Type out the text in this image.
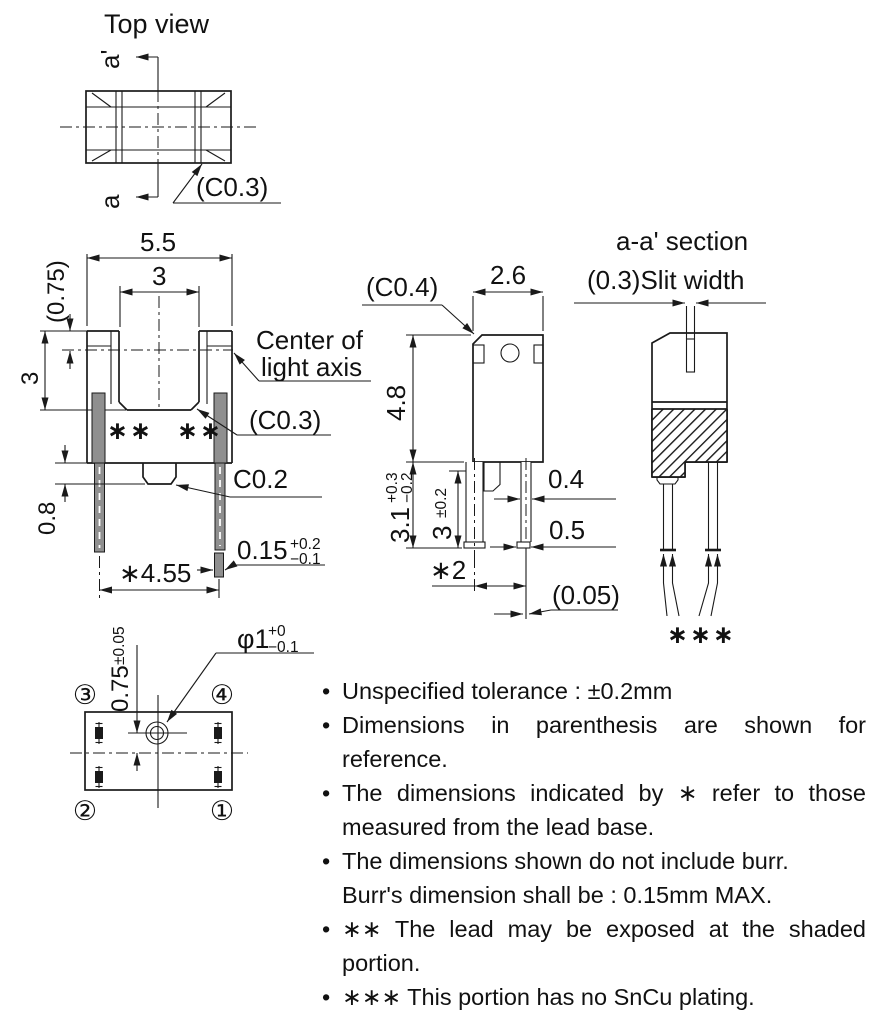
Top view
a'
a	(C0.3)
5.5
3
(0.75)
3
∗∗ ∗∗
Center of
light axis
(C0.3)
C0.2
0.8
∗4.55
0.15 +0.2
−0.1
(C0.4) 2.6
4.8
3.1
+0.3
−0.2
3
±0.2
0.4
0.5
∗2
(0.05)
a-a' section
(0.3)Slit width
∗∗∗
③	④
②	①
0.75
±0.05	φ1
+0
−0.1
• Unspecified tolerance : ±0.2mm
• Dimensions in parenthesis are shown for
reference.
• The dimensions indicated by ∗ refer to those
measured from the lead base.
• The dimensions shown do not include burr.
Burr's dimension shall be : 0.15mm MAX.
• ∗∗ The lead may be exposed at the shaded
portion.
• ∗∗∗ This portion has no SnCu plating.
